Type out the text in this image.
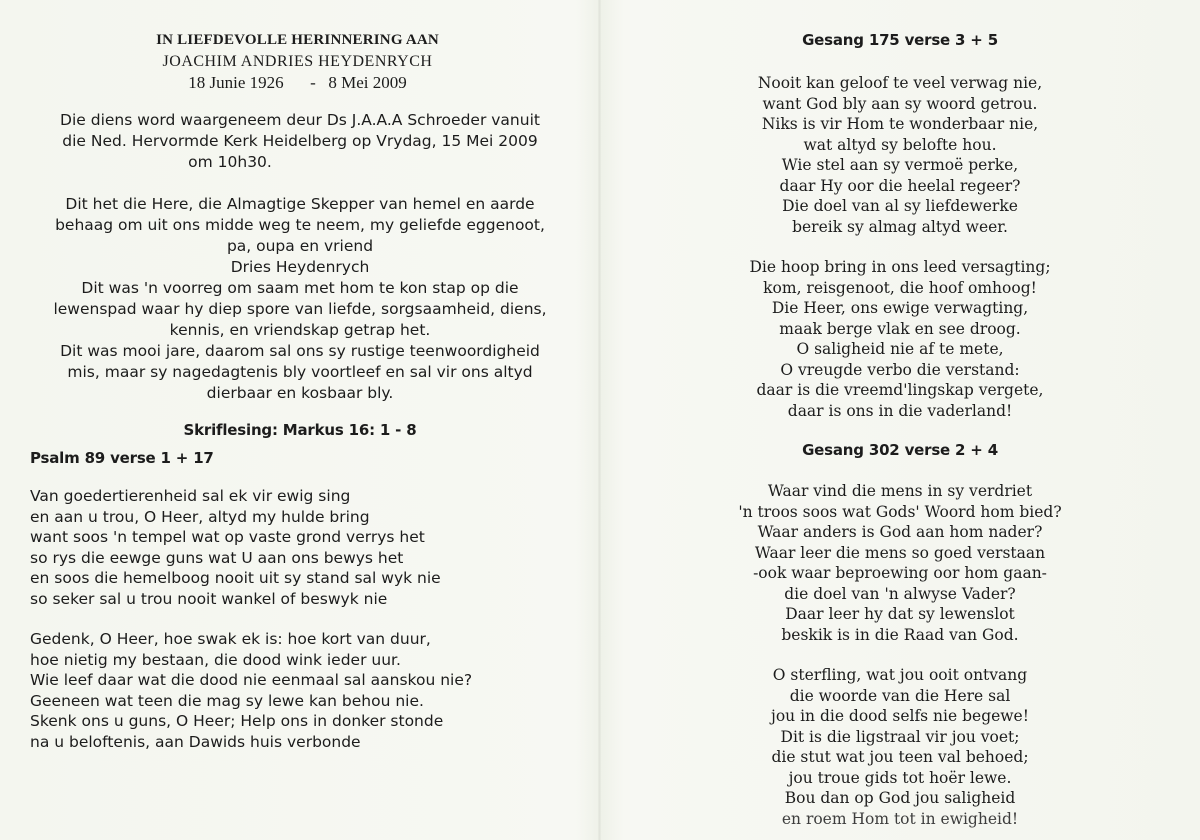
IN LIEFDEVOLLE HERINNERING AAN
JOACHIM ANDRIES HEYDENRYCH
18 Junie 1926 - 8 Mei 2009
Die diens word waargeneem deur Ds J.A.A.A Schroeder vanuit
die Ned. Hervormde Kerk Heidelberg op Vrydag, 15 Mei 2009
om 10h30.
Dit het die Here, die Almagtige Skepper van hemel en aarde
behaag om uit ons midde weg te neem, my geliefde eggenoot,
pa, oupa en vriend
Dries Heydenrych
Dit was 'n voorreg om saam met hom te kon stap op die
lewenspad waar hy diep spore van liefde, sorgsaamheid, diens,
kennis, en vriendskap getrap het.
Dit was mooi jare, daarom sal ons sy rustige teenwoordigheid
mis, maar sy nagedagtenis bly voortleef en sal vir ons altyd
dierbaar en kosbaar bly.
Skriflesing: Markus 16: 1 - 8
Psalm 89 verse 1 + 17
Van goedertierenheid sal ek vir ewig sing
en aan u trou, O Heer, altyd my hulde bring
want soos 'n tempel wat op vaste grond verrys het
so rys die eewge guns wat U aan ons bewys het
en soos die hemelboog nooit uit sy stand sal wyk nie
so seker sal u trou nooit wankel of beswyk nie
Gedenk, O Heer, hoe swak ek is: hoe kort van duur,
hoe nietig my bestaan, die dood wink ieder uur.
Wie leef daar wat die dood nie eenmaal sal aanskou nie?
Geeneen wat teen die mag sy lewe kan behou nie.
Skenk ons u guns, O Heer; Help ons in donker stonde
na u beloftenis, aan Dawids huis verbonde
Gesang 175 verse 3 + 5
Nooit kan geloof te veel verwag nie,
want God bly aan sy woord getrou.
Niks is vir Hom te wonderbaar nie,
wat altyd sy belofte hou.
Wie stel aan sy vermoë perke,
daar Hy oor die heelal regeer?
Die doel van al sy liefdewerke
bereik sy almag altyd weer.
Die hoop bring in ons leed versagting;
kom, reisgenoot, die hoof omhoog!
Die Heer, ons ewige verwagting,
maak berge vlak en see droog.
O saligheid nie af te mete,
O vreugde verbo die verstand:
daar is die vreemd'lingskap vergete,
daar is ons in die vaderland!
Gesang 302 verse 2 + 4
Waar vind die mens in sy verdriet
'n troos soos wat Gods' Woord hom bied?
Waar anders is God aan hom nader?
Waar leer die mens so goed verstaan
-ook waar beproewing oor hom gaan-
die doel van 'n alwyse Vader?
Daar leer hy dat sy lewenslot
beskik is in die Raad van God.
O sterfling, wat jou ooit ontvang
die woorde van die Here sal
jou in die dood selfs nie begewe!
Dit is die ligstraal vir jou voet;
die stut wat jou teen val behoed;
jou troue gids tot hoër lewe.
Bou dan op God jou saligheid
en roem Hom tot in ewigheid!
